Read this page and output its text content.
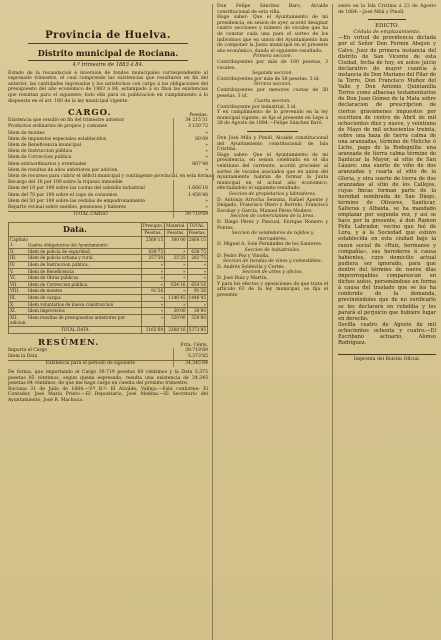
Provincia de Huelva.
Distrito municipal de Rociana.
4.º trimestre de 1883 á 84.
Estado de la recaudacion é inversion de fondos municipales correspondiente al espresado trimestre, el cual comprende las existencias que resultaron en fin del anterior, las cantidades ingresadas y los satisfechos con cargo á las obligaciones del presupuesto del año económico de 1883 á 84, estampado á su final las existencias que resultan para el siguiente; todo ello para su publicacion en cumplimiento á lo dispuesto en el art. 160 de la ley municipal vigente.
CARGO.	Pesetas.
Existencia que resultó en fin del trimestre anterior	34 215‘31
Productos ordinarios de propios y comunes	3 150‘72
Idem de montes	»
Idem de impuestos especiales establecidos	80‘09
Idem de Beneficencia municipal	»
Idem de Instruccion pública	»
Idem de Correccion pública	»
Idem extraordinarios y eventuales	807‘48
Idem de resultas de años anteriores por adicion	»
Idem de recursos para cubrir el déficit municipal y contingente provincial, en esta forma:
Recargo del 18 por 100 sobre la riqueza inmueble
Idem del 18 por 100 sobre las cuotas del subsidio industrial	1.666‘18
Idem del 70 por 100 sobre el cupo de consumos	1.456‘48
Idem del 50 por 100 sobre las cédulas de empadronamiento	»
Reparto vecinal sobre sueldos, pensiones y haberes	»
TOTAL CARGO	39 719‘69
Data.	Presupto.	Material.	TOTAL.
	Pesetas.	Pesetas.	Pesetas.
Capítulo 1. Gastos obligatorios del Ayuntamiento	2568‘15	300‘00	2868‘15
II. Idem de policía de seguridad.	638‘75	»	638‘75
III. Idem de policía urbana y rural.	257‘50	25‘25	282‘75
IV. Idem de Instruccion pública.	»	»	»
V. Idem de Beneficencia	»	»	»
VI. Idem de Obras públicas	»	»	»
VII. Idem de Correccion pública.	»	654‘16	654‘16
VIII. Idem de montes	91‘26	»	91‘26
IX. Idem de cargas	»	1146‘45	1446‘45
X. Idem voluntarios de nueva construccion	»	»	»
XI. Idem imprevistos	»	30‘00	30‘00
XII. Idem resultas de presupuestos anteriores por adicion.	»	320‘00	320‘00
TOTAL DATA	3165‘69	2368‘16	5373‘85
RESÚMEN.	Pcta. Cénts.
Importa el Cargo	39.719‘69
Idem la Data	5.373‘85
Existencia para el periodo de siguiente	34.345‘84
De forma, que importando el Cargo 39.719 pesetas 69 céntimos y la Data 5.373 pesetas 85 céntimos, segun queda espresado, resulta una existencia de 34.345 pesetas 84 céntimos, de que me hago cargo en cuenta del próximo trimestre.
Rociana 31 de Julio de 1884.—V.º B.º: El Alcalde, Vallejo.—Está conforme: El Contador, José María Prieto.—El Depositario, José Medina.—El Secretario del Ayuntamiento, José R. Machuca.
Don Felipe Sánchez Baro, Alcalde constitucional de esta villa.
Hago saber: Que el Ayuntamiento de mi presidencia, en sesion de ayer, acordó designar cuatro secciones y número de vocales que ha de constar cada una para el sorteo de los individuos que en union del Ayuntamiento han de componer la Junta municipal en el presente año económico, dando el siguiente resultado:
Primera seccion.
Contribuyentes por más de 100 pesetas, 3 vocales.
Segunda seccion.
Contribuyentes por más de 50 pesetas, 3 id.
Tercera seccion.
Contribuyentes por menores cuotas de 50 pesetas, 3 id.
Cuarta seccion.
Contribuyente por industrial, 3 id.
Y en cumplimiento de lo prevenido en la ley municipal vigente, se fija el presente en Lepe á 28 de Agosto de 1884.—Felipe Sánchez Baró.
Don José Milá y Pinoll, Alcalde constitucional del Ayuntamiento constitucional de Isla Cristina.
Hago saber: Que el Ayuntamiento de mi presidencia, en sesion celebrada en el dia veintiuno del corriente, acordó proceder al sorteo de vocales asociados que en union del Ayuntamiento habrán de formar la Junta municipal en el actual año económico, efectuándolo el siguiente resultado:
Seccion de propietarios y labradores.
D. Antonio Arrocha Seisuna, Rafael Aponte y Delgado, Francisco Otero y Borrelo, Francisco Escobar y García, Manuel Pérez Modero.
Seccion de comerciantes de la brea.
D. Diego Pérez y Pascual, Enrique Romero y Pontes.
Seccion de vendedores de tejidos y mercaderes.
D. Miguel A. Sole Fernández de los Santeros.
Seccion de industriales.
D. Pedro Pez y Vinolla.
Seccion de tiendas de vinos y comestibles.
D. Andrés Soldevila y Cortés.
Seccion de artes y oficios.
D. José Ruiz y Martin.
Y para los efectos y oposiciones de que trata el artículo 63 de la ley municipal, se fija el presente
sente en la Isla Cristina á 23 de Agosto de 1884.—José Milá y Pinoll.
EDICTO.
Cédula de emplazamiento.
—En virtud de providencia dictada por el Señor Don Fermin Abejon y Calvo, Juez de primera instancia del distrito de San Vicente de esta Ciudad, fecha de hoy, en autos juicio declarativo de mayor cuantía á instancia de Don Mariano del Pilar de la Torre, Don Francisco Muñoz del Valle y Don Antonio Quintanilla Torres como albaceas testamentarios de Don Juan Gómez de la Mata sobre declaracion de prescripcion de ciertos gravámenes impuestos por escritura de centro de Abril de mil ochocientos diez y nueve, y veintiuno de Mayo de mil ochocientos treinta, sobre una haza de tierra calma de una aranzadas, término de Heliche ó Liche, pago de la Rodegnilla: una aranzada de tierra calma término de Sanlúcar la Mayor, al sitio de San Lázaro: una suerte de viño de dos aranzadas y cuarta al sitio de la Gloria, y otra suerte de tierra de dos aranzadas al sitio de los Callejos, cuyas fincas forman parte de la heredad nombrada de San Diego, término de Olivares, Sanlúcar, Salteras y Albaida, se ha mandado emplazar por segunda vez, y así se hace por la presente, á don Ramon Félix Labrador, vecino que fué de Lora, y á la Sociedad que estuvo establecida en esta ciudad bajo la razon social de «Ruiz, hermanos y compañía», sus herederos ó causa habientes, cuyo domicilio actual pudiera ser ignorado, para que dentro del término de nueve dias improrrogables comparezcan en dichos autos, personándose en forma á causa del traslado que se les ha conferido de la demanda, previniéndoles que de no verificarlo se les declarará en rebeldía y les parará el perjuicio que hubiere lugar en derecho.
Sevilla cuatro de Agosto de mil ochocientos ochenta y cuatro.—El Escribano actuario, Alonso Rodríguez.
Imprenta del Boletin Oficial.
